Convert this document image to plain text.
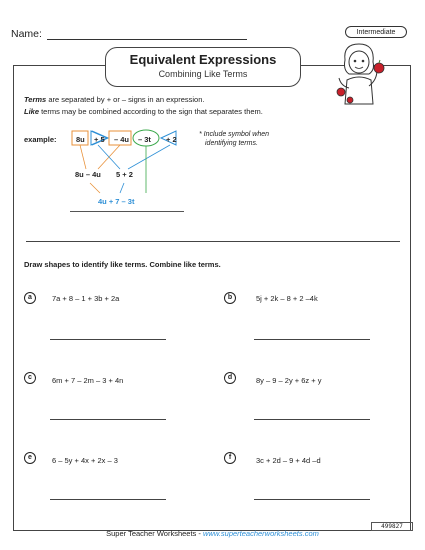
Name:	Intermediate
Equivalent Expressions
Combining Like Terms
Terms are separated by + or – signs in an expression.
Like terms may be combined according to the sign that separates them.
example:	8u + 5 – 4u – 3t + 2
8u – 4u 5 + 2
* Include symbol when
identifying terms.
4u + 7 – 3t
Draw shapes to identify like terms. Combine like terms.
a	7a + 8 – 1 + 3b + 2a	b	5j + 2k – 8 + 2 –4k
c	6m + 7 – 2m – 3 + 4n	d	8y – 9 – 2y + 6z + y
e	6 – 5y + 4x + 2x – 3	f	3c + 2d – 9 + 4d –d
Super Teacher Worksheets - www.superteacherworksheets.com
499827
